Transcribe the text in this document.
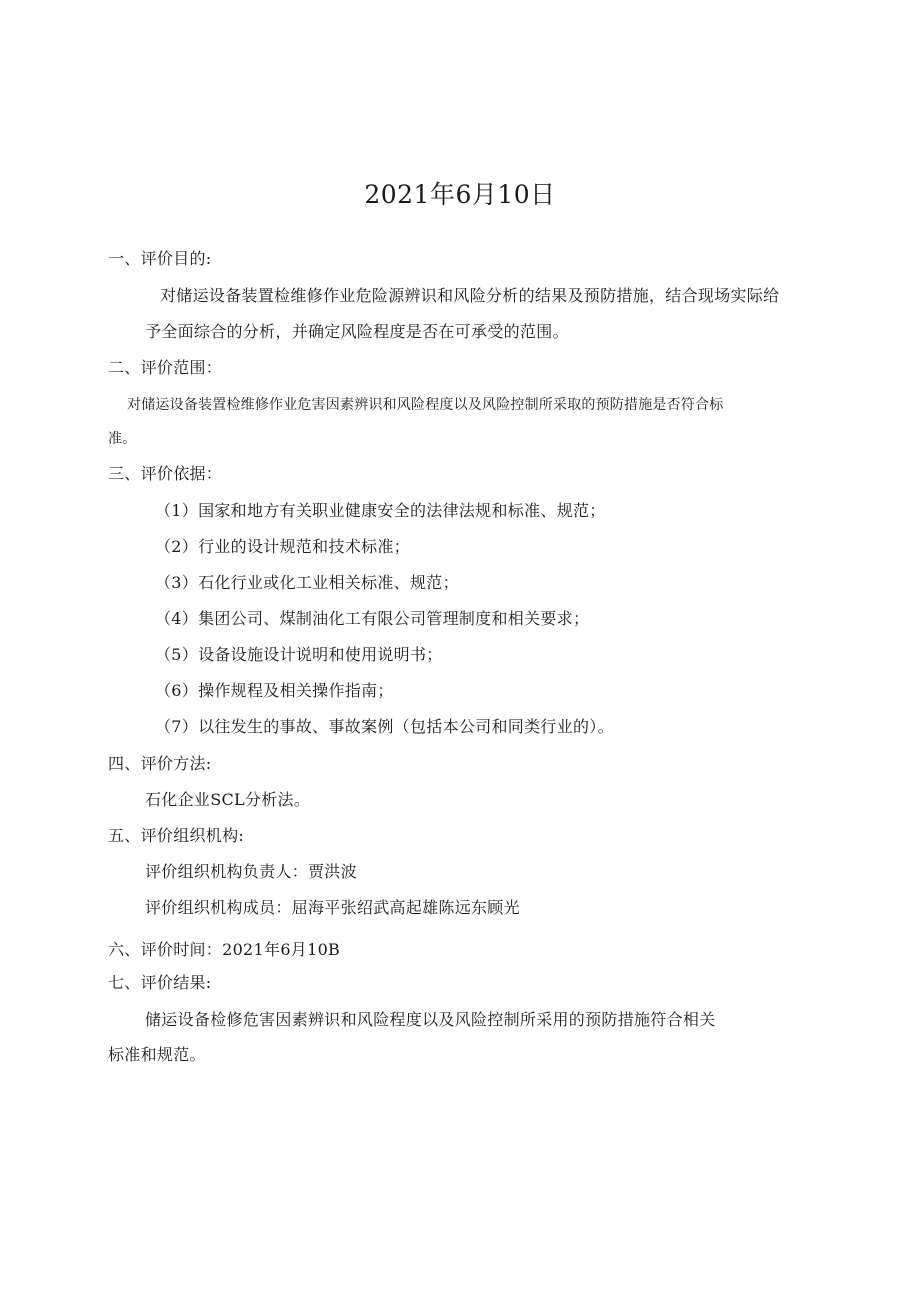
2021年6月10日
一、评价目的:
对储运设备装置检维修作业危险源辨识和风险分析的结果及预防措施，结合现场实际给
予全面综合的分析，并确定风险程度是否在可承受的范围。
二、评价范围：
对储运设备装置检维修作业危害因素辨识和风险程度以及风险控制所采取的预防措施是否符合标
准。
三、评价依据：
（1）国家和地方有关职业健康安全的法律法规和标准、规范；
（2）行业的设计规范和技术标准；
（3）石化行业或化工业相关标准、规范；
（4）集团公司、煤制油化工有限公司管理制度和相关要求；
（5）设备设施设计说明和使用说明书；
（6）操作规程及相关操作指南；
（7）以往发生的事故、事故案例（包括本公司和同类行业的）。
四、评价方法:
石化企业SCL分析法。
五、评价组织机构:
评价组织机构负责人：贾洪波
评价组织机构成员：屈海平张绍武高起雄陈远东顾光
六、评价时间：2021年6月10B
七、评价结果:
储运设备检修危害因素辨识和风险程度以及风险控制所采用的预防措施符合相关
标准和规范。
